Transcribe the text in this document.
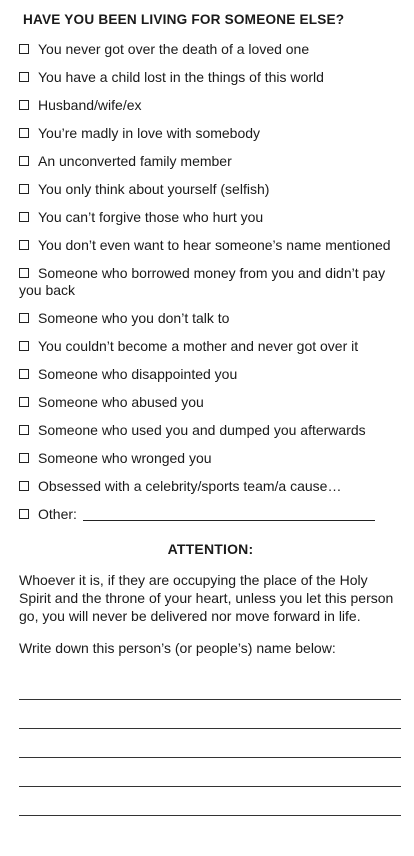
HAVE YOU BEEN LIVING FOR SOMEONE ELSE?
You never got over the death of a loved one
You have a child lost in the things of this world
Husband/wife/ex
You’re madly in love with somebody
An unconverted family member
You only think about yourself (selfish)
You can’t forgive those who hurt you
You don’t even want to hear someone’s name mentioned
Someone who borrowed money from you and didn’t pay you back
Someone who you don’t talk to
You couldn’t become a mother and never got over it
Someone who disappointed you
Someone who abused you
Someone who used you and dumped you afterwards
Someone who wronged you
Obsessed with a celebrity/sports team/a cause…
Other:
ATTENTION:

Whoever it is, if they are occupying the place of the Holy Spirit and the throne of your heart, unless you let this person go, you will never be delivered nor move forward in life.

Write down this person’s (or people’s) name below:
